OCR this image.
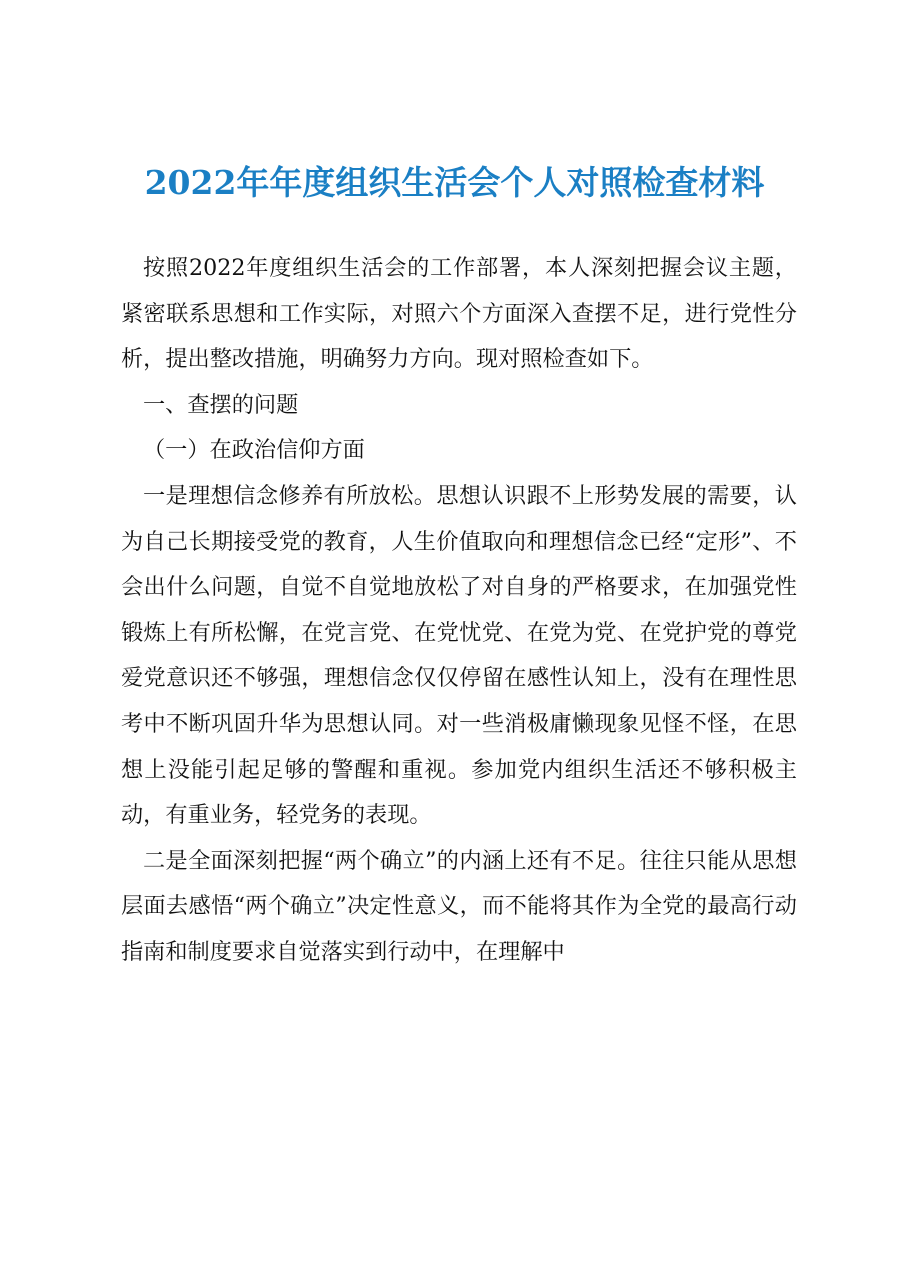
2022年年度组织生活会个人对照检查材料

按照2022年度组织生活会的工作部署，本人深刻把握会议主题，紧密联系思想和工作实际，对照六个方面深入查摆不足，进行党性分析，提出整改措施，明确努力方向。现对照检查如下。

一、查摆的问题

（一）在政治信仰方面

一是理想信念修养有所放松。思想认识跟不上形势发展的需要，认为自己长期接受党的教育，人生价值取向和理想信念已经“定形”、不会出什么问题，自觉不自觉地放松了对自身的严格要求，在加强党性锻炼上有所松懈，在党言党、在党忧党、在党为党、在党护党的尊党爱党意识还不够强，理想信念仅仅停留在感性认知上，没有在理性思考中不断巩固升华为思想认同。对一些消极庸懒现象见怪不怪，在思想上没能引起足够的警醒和重视。参加党内组织生活还不够积极主动，有重业务，轻党务的表现。

二是全面深刻把握“两个确立”的内涵上还有不足。往往只能从思想层面去感悟“两个确立”决定性意义，而不能将其作为全党的最高行动指南和制度要求自觉落实到行动中，在理解中
